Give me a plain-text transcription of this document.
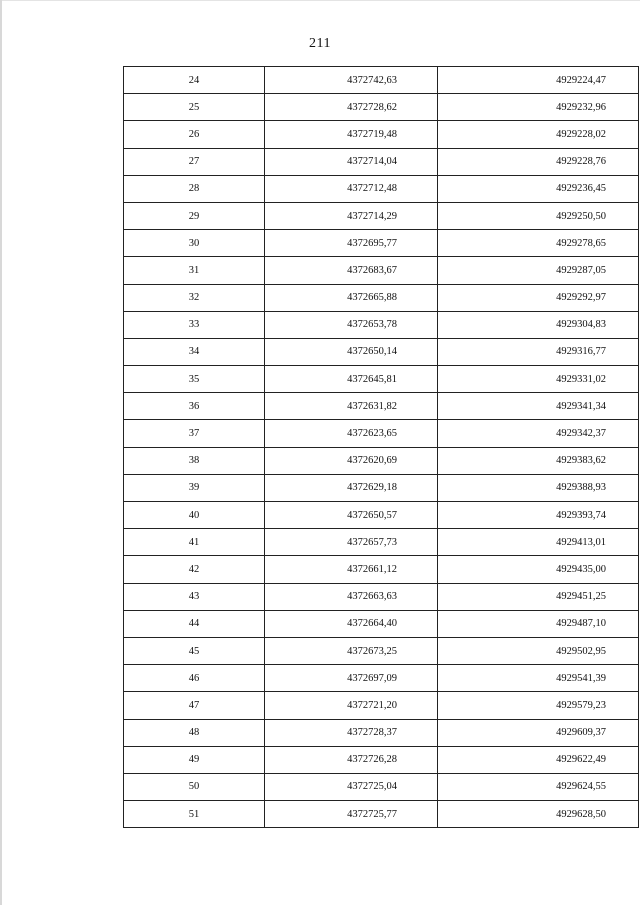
211
24	4372742,63	4929224,47
25	4372728,62	4929232,96
26	4372719,48	4929228,02
27	4372714,04	4929228,76
28	4372712,48	4929236,45
29	4372714,29	4929250,50
30	4372695,77	4929278,65
31	4372683,67	4929287,05
32	4372665,88	4929292,97
33	4372653,78	4929304,83
34	4372650,14	4929316,77
35	4372645,81	4929331,02
36	4372631,82	4929341,34
37	4372623,65	4929342,37
38	4372620,69	4929383,62
39	4372629,18	4929388,93
40	4372650,57	4929393,74
41	4372657,73	4929413,01
42	4372661,12	4929435,00
43	4372663,63	4929451,25
44	4372664,40	4929487,10
45	4372673,25	4929502,95
46	4372697,09	4929541,39
47	4372721,20	4929579,23
48	4372728,37	4929609,37
49	4372726,28	4929622,49
50	4372725,04	4929624,55
51	4372725,77	4929628,50
